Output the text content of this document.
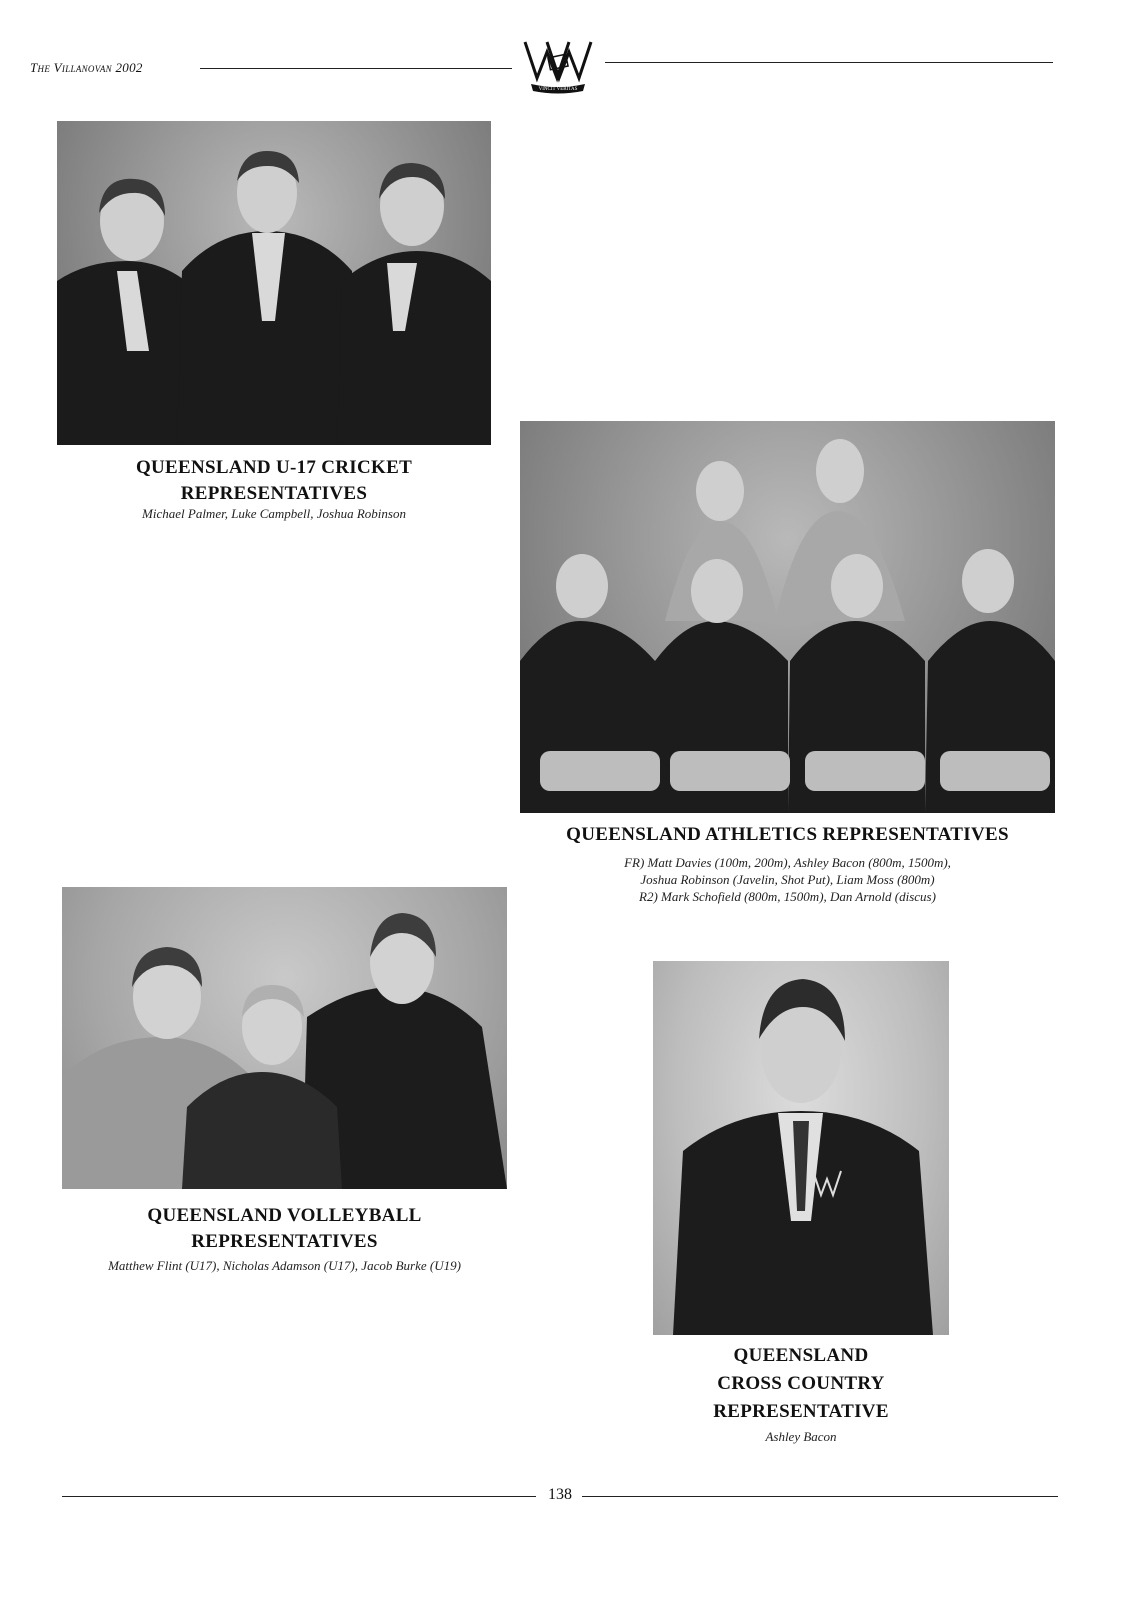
The Villanovan 2002
VINCIT VERITAS
QUEENSLAND U-17 CRICKET
REPRESENTATIVES
Michael Palmer, Luke Campbell, Joshua Robinson
QUEENSLAND ATHLETICS REPRESENTATIVES
FR) Matt Davies (100m, 200m), Ashley Bacon (800m, 1500m),
Joshua Robinson (Javelin, Shot Put), Liam Moss (800m)
R2) Mark Schofield (800m, 1500m), Dan Arnold (discus)
QUEENSLAND VOLLEYBALL
REPRESENTATIVES
Matthew Flint (U17), Nicholas Adamson (U17), Jacob Burke (U19)
QUEENSLAND
CROSS COUNTRY
REPRESENTATIVE
Ashley Bacon
138
